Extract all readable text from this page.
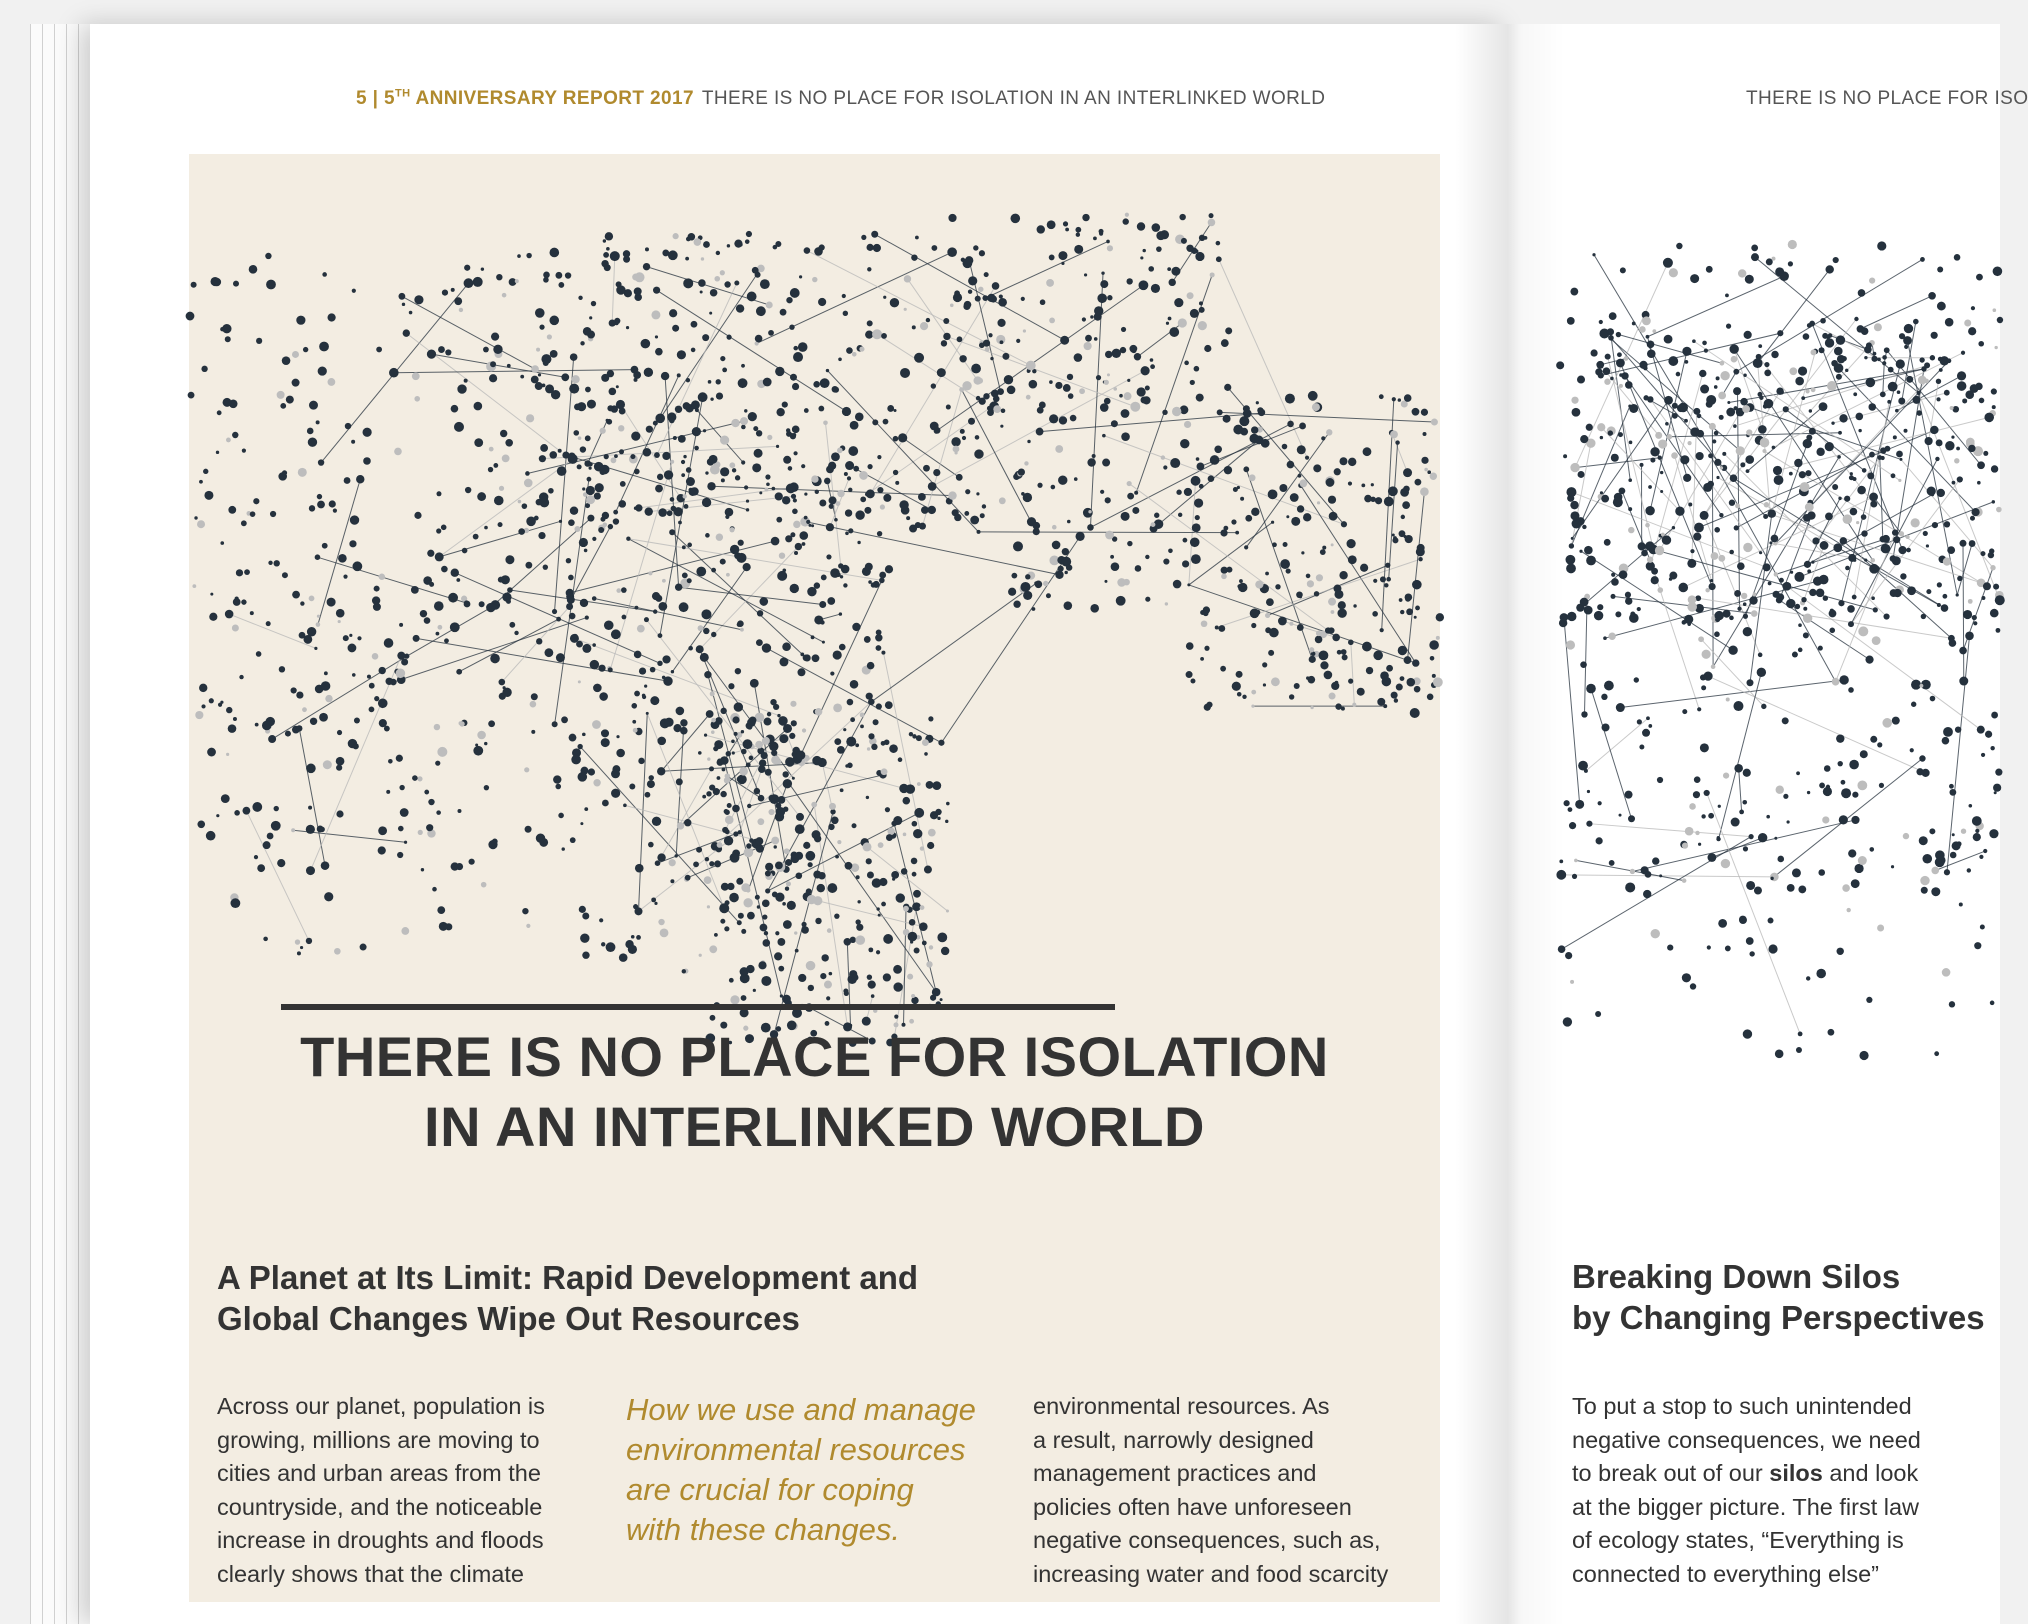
5 | 5TH ANNIVERSARY REPORT 2017 THERE IS NO PLACE FOR ISOLATION IN AN INTERLINKED WORLD	THERE IS NO PLACE FOR ISO
THERE IS NO PLACE FOR ISOLATION
IN AN INTERLINKED WORLD
A Planet at Its Limit: Rapid Development and
Global Changes Wipe Out Resources
Across our planet, population is
growing, millions are moving to
cities and urban areas from the
countryside, and the noticeable
increase in droughts and floods
clearly shows that the climate
How we use and manage
environmental resources
are crucial for coping
with these changes.
environmental resources. As
a result, narrowly designed
management practices and
policies often have unforeseen
negative consequences, such as,
increasing water and food scarcity
Breaking Down Silos
by Changing Perspectives
To put a stop to such unintended
negative consequences, we need
to break out of our silos and look
at the bigger picture. The first law
of ecology states, “Everything is
connected to everything else”
